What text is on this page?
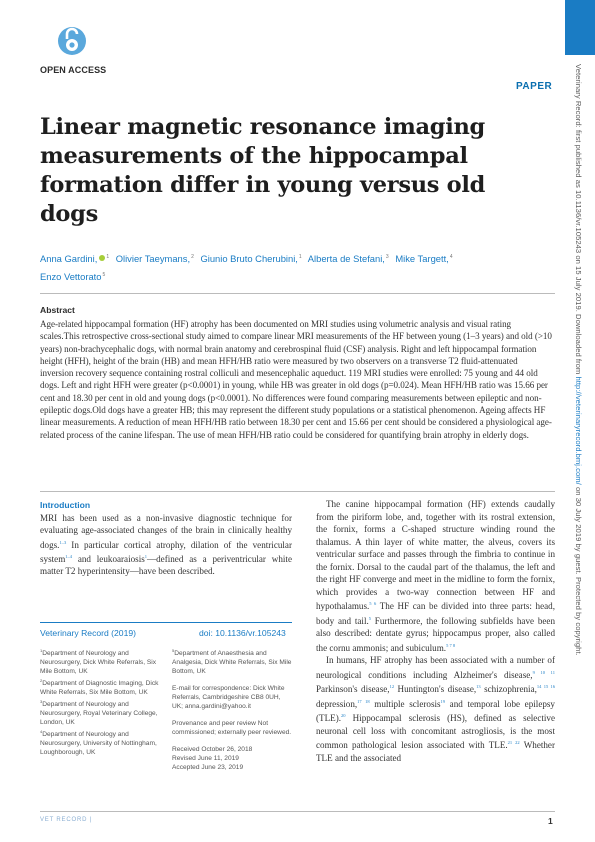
OPEN ACCESS
PAPER	Veterinary Record: first published as 10.1136/vr.105243 on 15 July 2019. Downloaded from http://veterinaryrecord.bmj.com/ on 30 July 2019 by guest. Protected by copyright.
Linear magnetic resonance imaging measurements of the hippocampal formation differ in young versus old dogs
Anna Gardini, $^1$ Olivier Taeymans,$^2$ Giunio Bruto Cherubini,$^1$ Alberta de Stefani,$^3$ Mike Targett,$^4$
Enzo Vettorato$^5$
Abstract
Age-related hippocampal formation (HF) atrophy has been documented on MRI studies using volumetric analysis and visual rating scales.This retrospective cross-sectional study aimed to compare linear MRI measurements of the HF between young (1–3 years) and old (>10 years) non-brachycephalic dogs, with normal brain anatomy and cerebrospinal fluid (CSF) analysis. Right and left hippocampal formation height (HFH), height of the brain (HB) and mean HFH/HB ratio were measured by two observers on a transverse T2 fluid-attenuated inversion recovery sequence containing rostral colliculi and mesencephalic aqueduct. 119 MRI studies were enrolled: 75 young and 44 old dogs. Left and right HFH were greater (p<0.0001) in young, while HB was greater in old dogs (p=0.024). Mean HFH/HB ratio was 15.66 per cent and 18.30 per cent in old and young dogs (p<0.0001). No differences were found comparing measurements between epileptic and non-epileptic dogs.Old dogs have a greater HB; this may represent the different study populations or a statistical phenomenon. Ageing affects HF linear measurements. A reduction of mean HFH/HB ratio between 18.30 per cent and 15.66 per cent should be considered a physiological age-related process of the canine lifespan. The use of mean HFH/HB ratio could be considered for quantifying brain atrophy in elderly dogs.
Introduction
MRI has been used as a non-invasive diagnostic technique for evaluating age-associated changes of the brain in clinically healthy dogs.$^{1-3}$ In particular cortical atrophy, dilation of the ventricular system$^{1-4}$ and leukoaraiosis$^1$—defined as a periventricular white matter T2 hyperintensity—have been described.

The canine hippocampal formation (HF) extends caudally from the piriform lobe, and, together with its rostral extension, the fornix, forms a C-shaped structure winding round the thalamus. A thin layer of white matter, the alveus, covers its ventricular surface and passes through the fimbria to continue in the fornix. Dorsal to the caudal part of the thalamus, the left and the right HF converge and meet in the midline to form the fornix, which provides a two-way connection between HF and hypothalamus.$^{5 6}$ The HF can be divided into three parts: head, body and tail.$^5$ Furthermore, the following subfields have been also described: dentate gyrus; hippocampus proper, also called the cornu ammonis; and subiculum.$^{5 7 8}$

In humans, HF atrophy has been associated with a number of neurological conditions including Alzheimer's disease,$^{9 10 11}$ Parkinson's disease,$^{12}$ Huntington's disease,$^{13}$ schizophrenia,$^{14 15 16}$ depression,$^{17 18}$ multiple sclerosis$^{19}$ and temporal lobe epilepsy (TLE).$^{20}$ Hippocampal sclerosis (HS), defined as selective neuronal cell loss with concomitant astrogliosis, is the most common pathological lesion associated with TLE.$^{21 22}$ Whether TLE and the associated

Veterinary Record (2019)	doi: 10.1136/vr.105243
$^1$Department of Neurology and Neurosurgery, Dick White Referrals, Six Mile Bottom, UK
$^2$Department of Diagnostic Imaging, Dick White Referrals, Six Mile Bottom, UK
$^3$Department of Neurology and Neurosurgery, Royal Veterinary College, London, UK
$^4$Department of Neurology and Neurosurgery, University of Nottingham, Loughborough, UK
$^5$Department of Anaesthesia and Analgesia, Dick White Referrals, Six Mile Bottom, UK
E-mail for correspondence: Dick White Referrals, Cambridgeshire CB8 0UH, UK; anna.gardini@yahoo.it
Provenance and peer review Not commissioned; externally peer reviewed.
Received October 26, 2018
Revised June 11, 2019
Accepted June 23, 2019
VET RECORD |	1
